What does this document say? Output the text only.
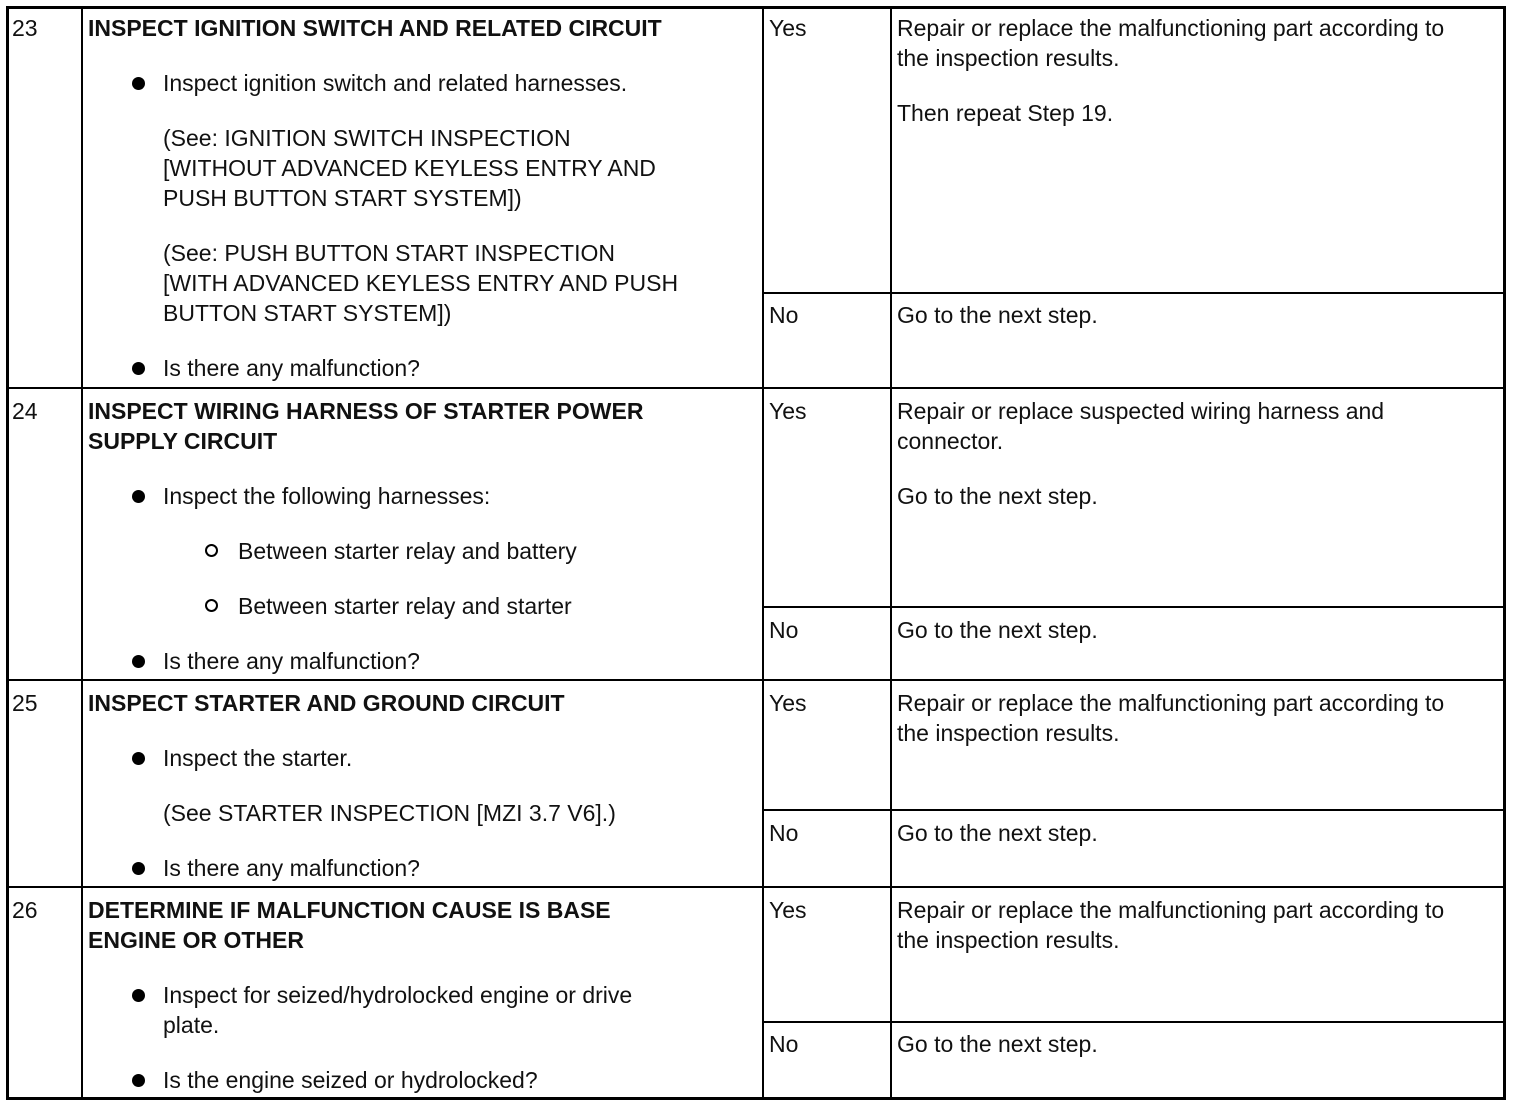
23 INSPECT IGNITION SWITCH AND RELATED CIRCUIT
Inspect ignition switch and related harnesses.
(See: IGNITION SWITCH INSPECTION
[WITHOUT ADVANCED KEYLESS ENTRY AND
PUSH BUTTON START SYSTEM])
(See: PUSH BUTTON START INSPECTION
[WITH ADVANCED KEYLESS ENTRY AND PUSH
BUTTON START SYSTEM])
Is there any malfunction?
Yes	Repair or replace the malfunctioning part according to
the inspection results.
Then repeat Step 19.
No	Go to the next step.
24 INSPECT WIRING HARNESS OF STARTER POWER
SUPPLY CIRCUIT
Inspect the following harnesses:
Between starter relay and battery
Between starter relay and starter
Is there any malfunction?
Yes	Repair or replace suspected wiring harness and
connector.
Go to the next step.
No	Go to the next step.
25 INSPECT STARTER AND GROUND CIRCUIT
Inspect the starter.
(See STARTER INSPECTION [MZI 3.7 V6].)
Is there any malfunction?
Yes	Repair or replace the malfunctioning part according to
the inspection results.
No	Go to the next step.
26 DETERMINE IF MALFUNCTION CAUSE IS BASE
ENGINE OR OTHER
Inspect for seized/hydrolocked engine or drive
plate.
Is the engine seized or hydrolocked?
Yes	Repair or replace the malfunctioning part according to
the inspection results.
No	Go to the next step.
